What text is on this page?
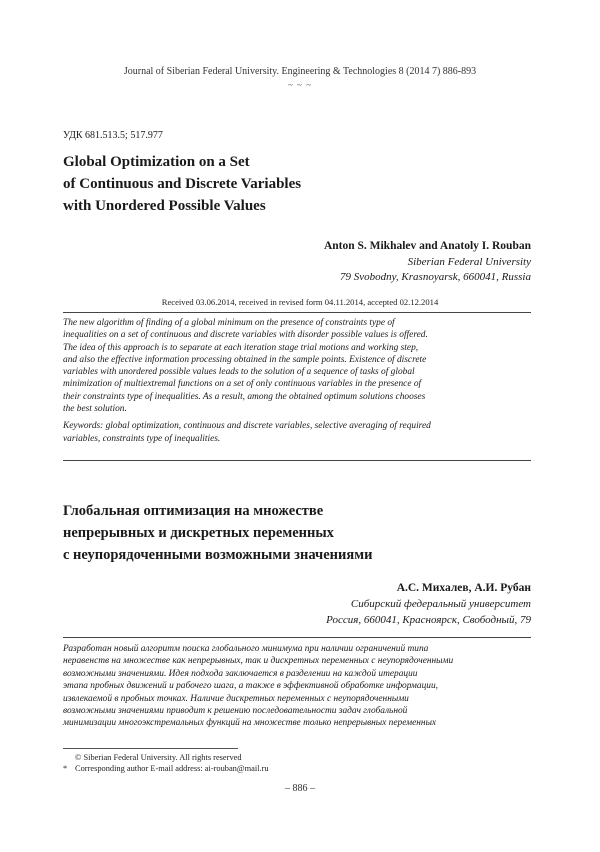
Journal of Siberian Federal University. Engineering & Technologies 8 (2014 7) 886-893
~ ~ ~
УДК 681.513.5; 517.977
Global Optimization on a Set
of Continuous and Discrete Variables
with Unordered Possible Values
Anton S. Mikhalev and Anatoly I. Rouban
Siberian Federal University
79 Svobodny, Krasnoyarsk, 660041, Russia
Received 03.06.2014, received in revised form 04.11.2014, accepted 02.12.2014

The new algorithm of finding of a global minimum on the presence of constraints type of

inequalities on a set of continuous and discrete variables with disorder possible values is offered.

The idea of this approach is to separate at each iteration stage trial motions and working step,

and also the effective information processing obtained in the sample points. Existence of discrete

variables with unordered possible values leads to the solution of a sequence of tasks of global

minimization of multiextremal functions on a set of only continuous variables in the presence of

their constraints type of inequalities. As a result, among the obtained optimum solutions chooses

the best solution.

Keywords: global optimization, continuous and discrete variables, selective averaging of required

variables, constraints type of inequalities.

Глобальная оптимизация на множестве
непрерывных и дискретных переменных
с неупорядоченными возможными значениями
А.С. Михалев, А.И. Рубан
Сибирский федеральный университет
Россия, 660041, Красноярск, Свободный, 79
Разработан новый алгоритм поиска глобального минимума при наличии ограничений типа
неравенств на множестве как непрерывных, так и дискретных переменных с неупорядоченными
возможными значениями. Идея подхода заключается в разделении на каждой итерации
этапа пробных движений и рабочего шага, а также в эффективной обработке информации,
извлекаемой в пробных точках. Наличие дискретных переменных с неупорядоченными
возможными значениями приводит к решению последовательности задач глобальной
минимизации многоэкстремальных функций на множестве только непрерывных переменных
© Siberian Federal University. All rights reserved
* Corresponding author E-mail address: ai-rouban@mail.ru
– 886 –
